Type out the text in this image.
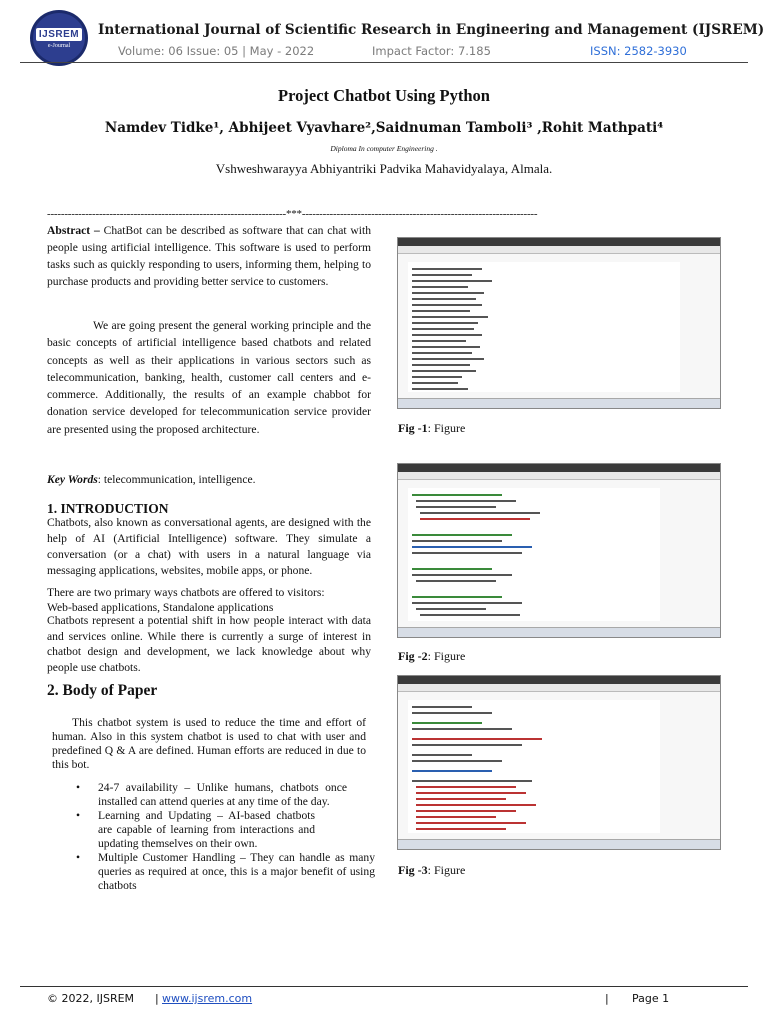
IJSREM
e-Journal
International Journal of Scientific Research in Engineering and Management (IJSREM)
Volume: 06 Issue: 05 | May - 2022	Impact Factor: 7.185	ISSN: 2582-3930
Project Chatbot Using Python
Namdev Tidke¹, Abhijeet Vyavhare²,Saidnuman Tamboli³ ,Rohit Mathpati⁴
Diploma In computer Engineering .
Vshweshwarayya Abhiyantriki Padvika Mahavidyalaya, Almala.
---------------------------------------------------------------------***--------------------------------------------------------------------
Abstract – ChatBot can be described as software that can chat with people using artificial intelligence. This software is used to perform tasks such as quickly responding to users, informing them, helping to purchase products and providing better service to customers.
We are going present the general working principle and the basic concepts of artificial intelligence based chatbots and related concepts as well as their applications in various sectors such as telecommunication, banking, health, customer call centers and e-commerce. Additionally, the results of an example chabbot for donation service developed for telecommunication service provider are presented using the proposed architecture.
Key Words: telecommunication, intelligence.
1. INTRODUCTION
Chatbots, also known as conversational agents, are designed with the help of AI (Artificial Intelligence) software. They simulate a conversation (or a chat) with users in a natural language via messaging applications, websites, mobile apps, or phone.
There are two primary ways chatbots are offered to visitors:
Web-based applications, Standalone applications
Chatbots represent a potential shift in how people interact with data and services online. While there is currently a surge of interest in chatbot design and development, we lack knowledge about why people use chatbots.
2. Body of Paper
This chatbot system is used to reduce the time and effort of human. Also in this system chatbot is used to chat with user and predefined Q & A are defined. Human efforts are reduced in due to this bot.
• 24-7 availability – Unlike humans, chatbots once installed can attend queries at any time of the day.
• Learning and Updating – AI-based chatbots are capable of learning from interactions and updating themselves on their own.
• Multiple Customer Handling – They can handle as many queries as required at once, this is a major benefit of using chatbots
Fig -1: Figure
Fig -2: Figure
Fig -3: Figure
© 2022, IJSREM | www.ijsrem.com	| Page 1
